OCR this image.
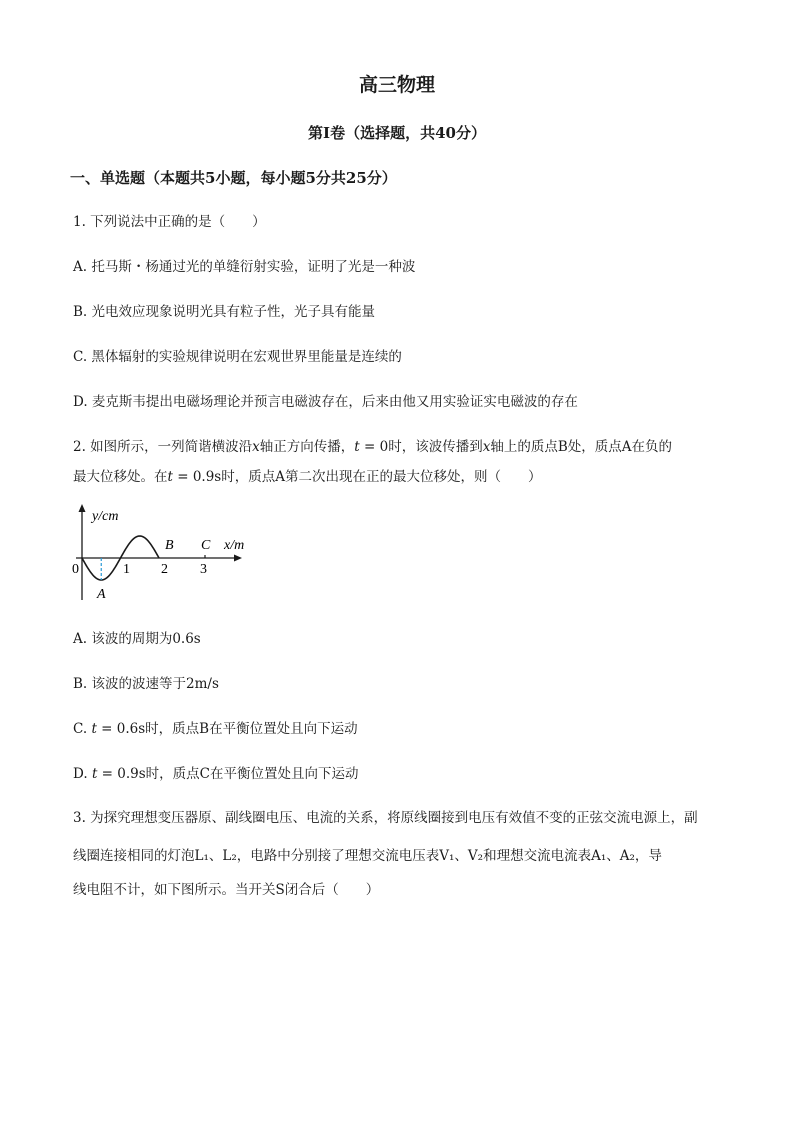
高三物理
第Ⅰ卷（选择题，共40分）
一、单选题（本题共5小题，每小题5分共25分）
1. 下列说法中正确的是（　　）
A. 托马斯・杨通过光的单缝衍射实验，证明了光是一种波
B. 光电效应现象说明光具有粒子性，光子具有能量
C. 黑体辐射的实验规律说明在宏观世界里能量是连续的
D. 麦克斯韦提出电磁场理论并预言电磁波存在，后来由他又用实验证实电磁波的存在
2. 如图所示，一列简谐横波沿x轴正方向传播，t = 0时，该波传播到x轴上的质点B处，质点A在负的
最大位移处。在t = 0.9s时，质点A第二次出现在正的最大位移处，则（　　）
y/cm
x/m
0	1 2 3
A
B C
A. 该波的周期为0.6s
B. 该波的波速等于2m/s
C. t = 0.6s时，质点B在平衡位置处且向下运动
D. t = 0.9s时，质点C在平衡位置处且向下运动
3. 为探究理想变压器原、副线圈电压、电流的关系，将原线圈接到电压有效值不变的正弦交流电源上，副
线圈连接相同的灯泡L₁、L₂，电路中分别接了理想交流电压表V₁、V₂和理想交流电流表A₁、A₂，导
线电阻不计，如下图所示。当开关S闭合后（　　）
